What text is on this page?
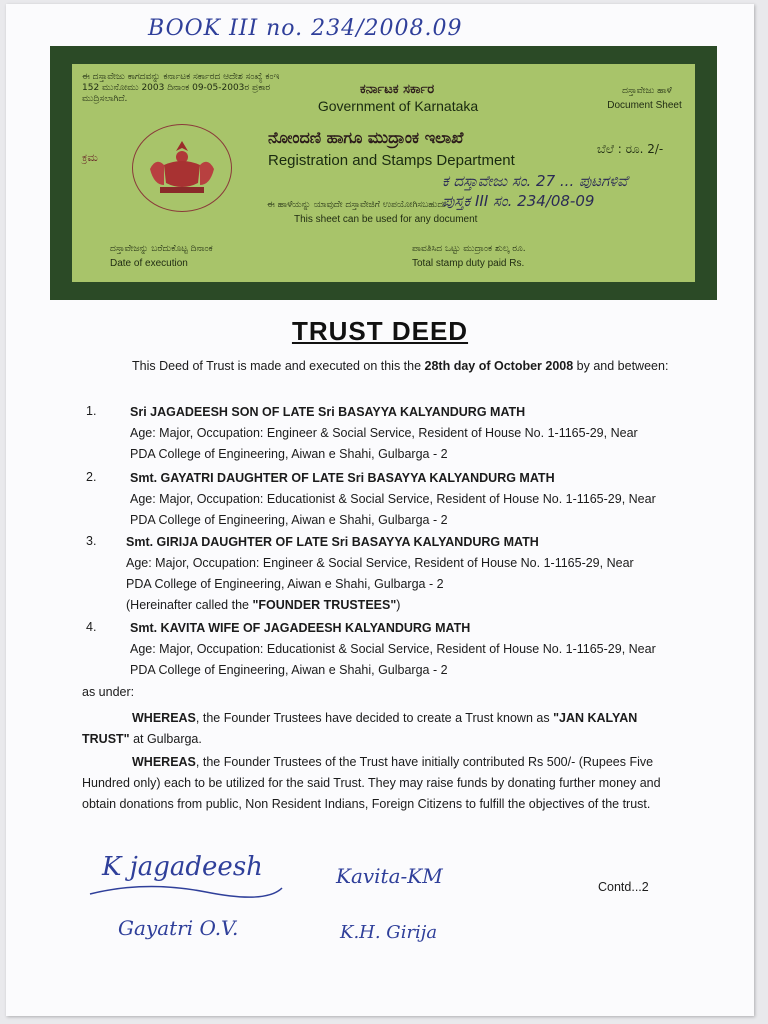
BOOK III no. 234/2008.09
ಈ ದಸ್ತಾವೇಜು ಕಾಗದವನ್ನು ಕರ್ನಾಟಕ ಸರ್ಕಾರದ ಆದೇಶ ಸಂಖ್ಯೆ ಕಂಇ 152 ಮುನೋಮು 2003 ದಿನಾಂಕ 09-05-2003ರ ಪ್ರಕಾರ ಮುದ್ರಿಸಲಾಗಿದೆ.
ಕರ್ನಾಟಕ ಸರ್ಕಾರ
Government of Karnataka
ದಸ್ತಾವೇಜು ಹಾಳೆ
Document Sheet
ಕ್ರಮ
ನೋಂದಣಿ ಹಾಗೂ ಮುದ್ರಾಂಕ ಇಲಾಖೆ
Registration and Stamps Department
ಬೆಲೆ : ರೂ. 2/-
ಕ ದಸ್ತಾವೇಜು ಸಂ. 27 ... ಪುಟಗಳಿವೆ
ಪುಸ್ತಕ III ಸಂ. 234/08-09
ಈ ಹಾಳೆಯನ್ನು ಯಾವುದೇ ದಸ್ತಾವೇಜಿಗೆ ಉಪಯೋಗಿಸಬಹುದು
This sheet can be used for any document
ದಸ್ತಾವೇಜನ್ನು ಬರೆದುಕೊಟ್ಟ ದಿನಾಂಕ
Date of execution
ಪಾವತಿಸಿದ ಒಟ್ಟು ಮುದ್ರಾಂಕ ಶುಲ್ಕ ರೂ.
Total stamp duty paid Rs.
TRUST DEED
This Deed of Trust is made and executed on this the 28th day of October 2008 by and between:
1.	Sri JAGADEESH SON OF LATE Sri BASAYYA KALYANDURG MATH
Age: Major, Occupation: Engineer & Social Service, Resident of House No. 1-1165-29, Near PDA College of Engineering, Aiwan e Shahi, Gulbarga - 2
2.	Smt. GAYATRI DAUGHTER OF LATE Sri BASAYYA KALYANDURG MATH
Age: Major, Occupation: Educationist & Social Service, Resident of House No. 1-1165-29, Near PDA College of Engineering, Aiwan e Shahi, Gulbarga - 2
3. Smt. GIRIJA DAUGHTER OF LATE Sri BASAYYA KALYANDURG MATH
Age: Major, Occupation: Engineer & Social Service, Resident of House No. 1-1165-29, Near PDA College of Engineering, Aiwan e Shahi, Gulbarga - 2
(Hereinafter called the "FOUNDER TRUSTEES")
4.	Smt. KAVITA WIFE OF JAGADEESH KALYANDURG MATH
Age: Major, Occupation: Educationist & Social Service, Resident of House No. 1-1165-29, Near PDA College of Engineering, Aiwan e Shahi, Gulbarga - 2
as under:
WHEREAS, the Founder Trustees have decided to create a Trust known as "JAN KALYAN TRUST" at Gulbarga.
WHEREAS, the Founder Trustees of the Trust have initially contributed Rs 500/- (Rupees Five Hundred only) each to be utilized for the said Trust. They may raise funds by donating further money and obtain donations from public, Non Resident Indians, Foreign Citizens to fulfill the objectives of the trust.
K jagadeesh	Kavita-KM	Contd...2
Gayatri O.V.	K.H. Girija
